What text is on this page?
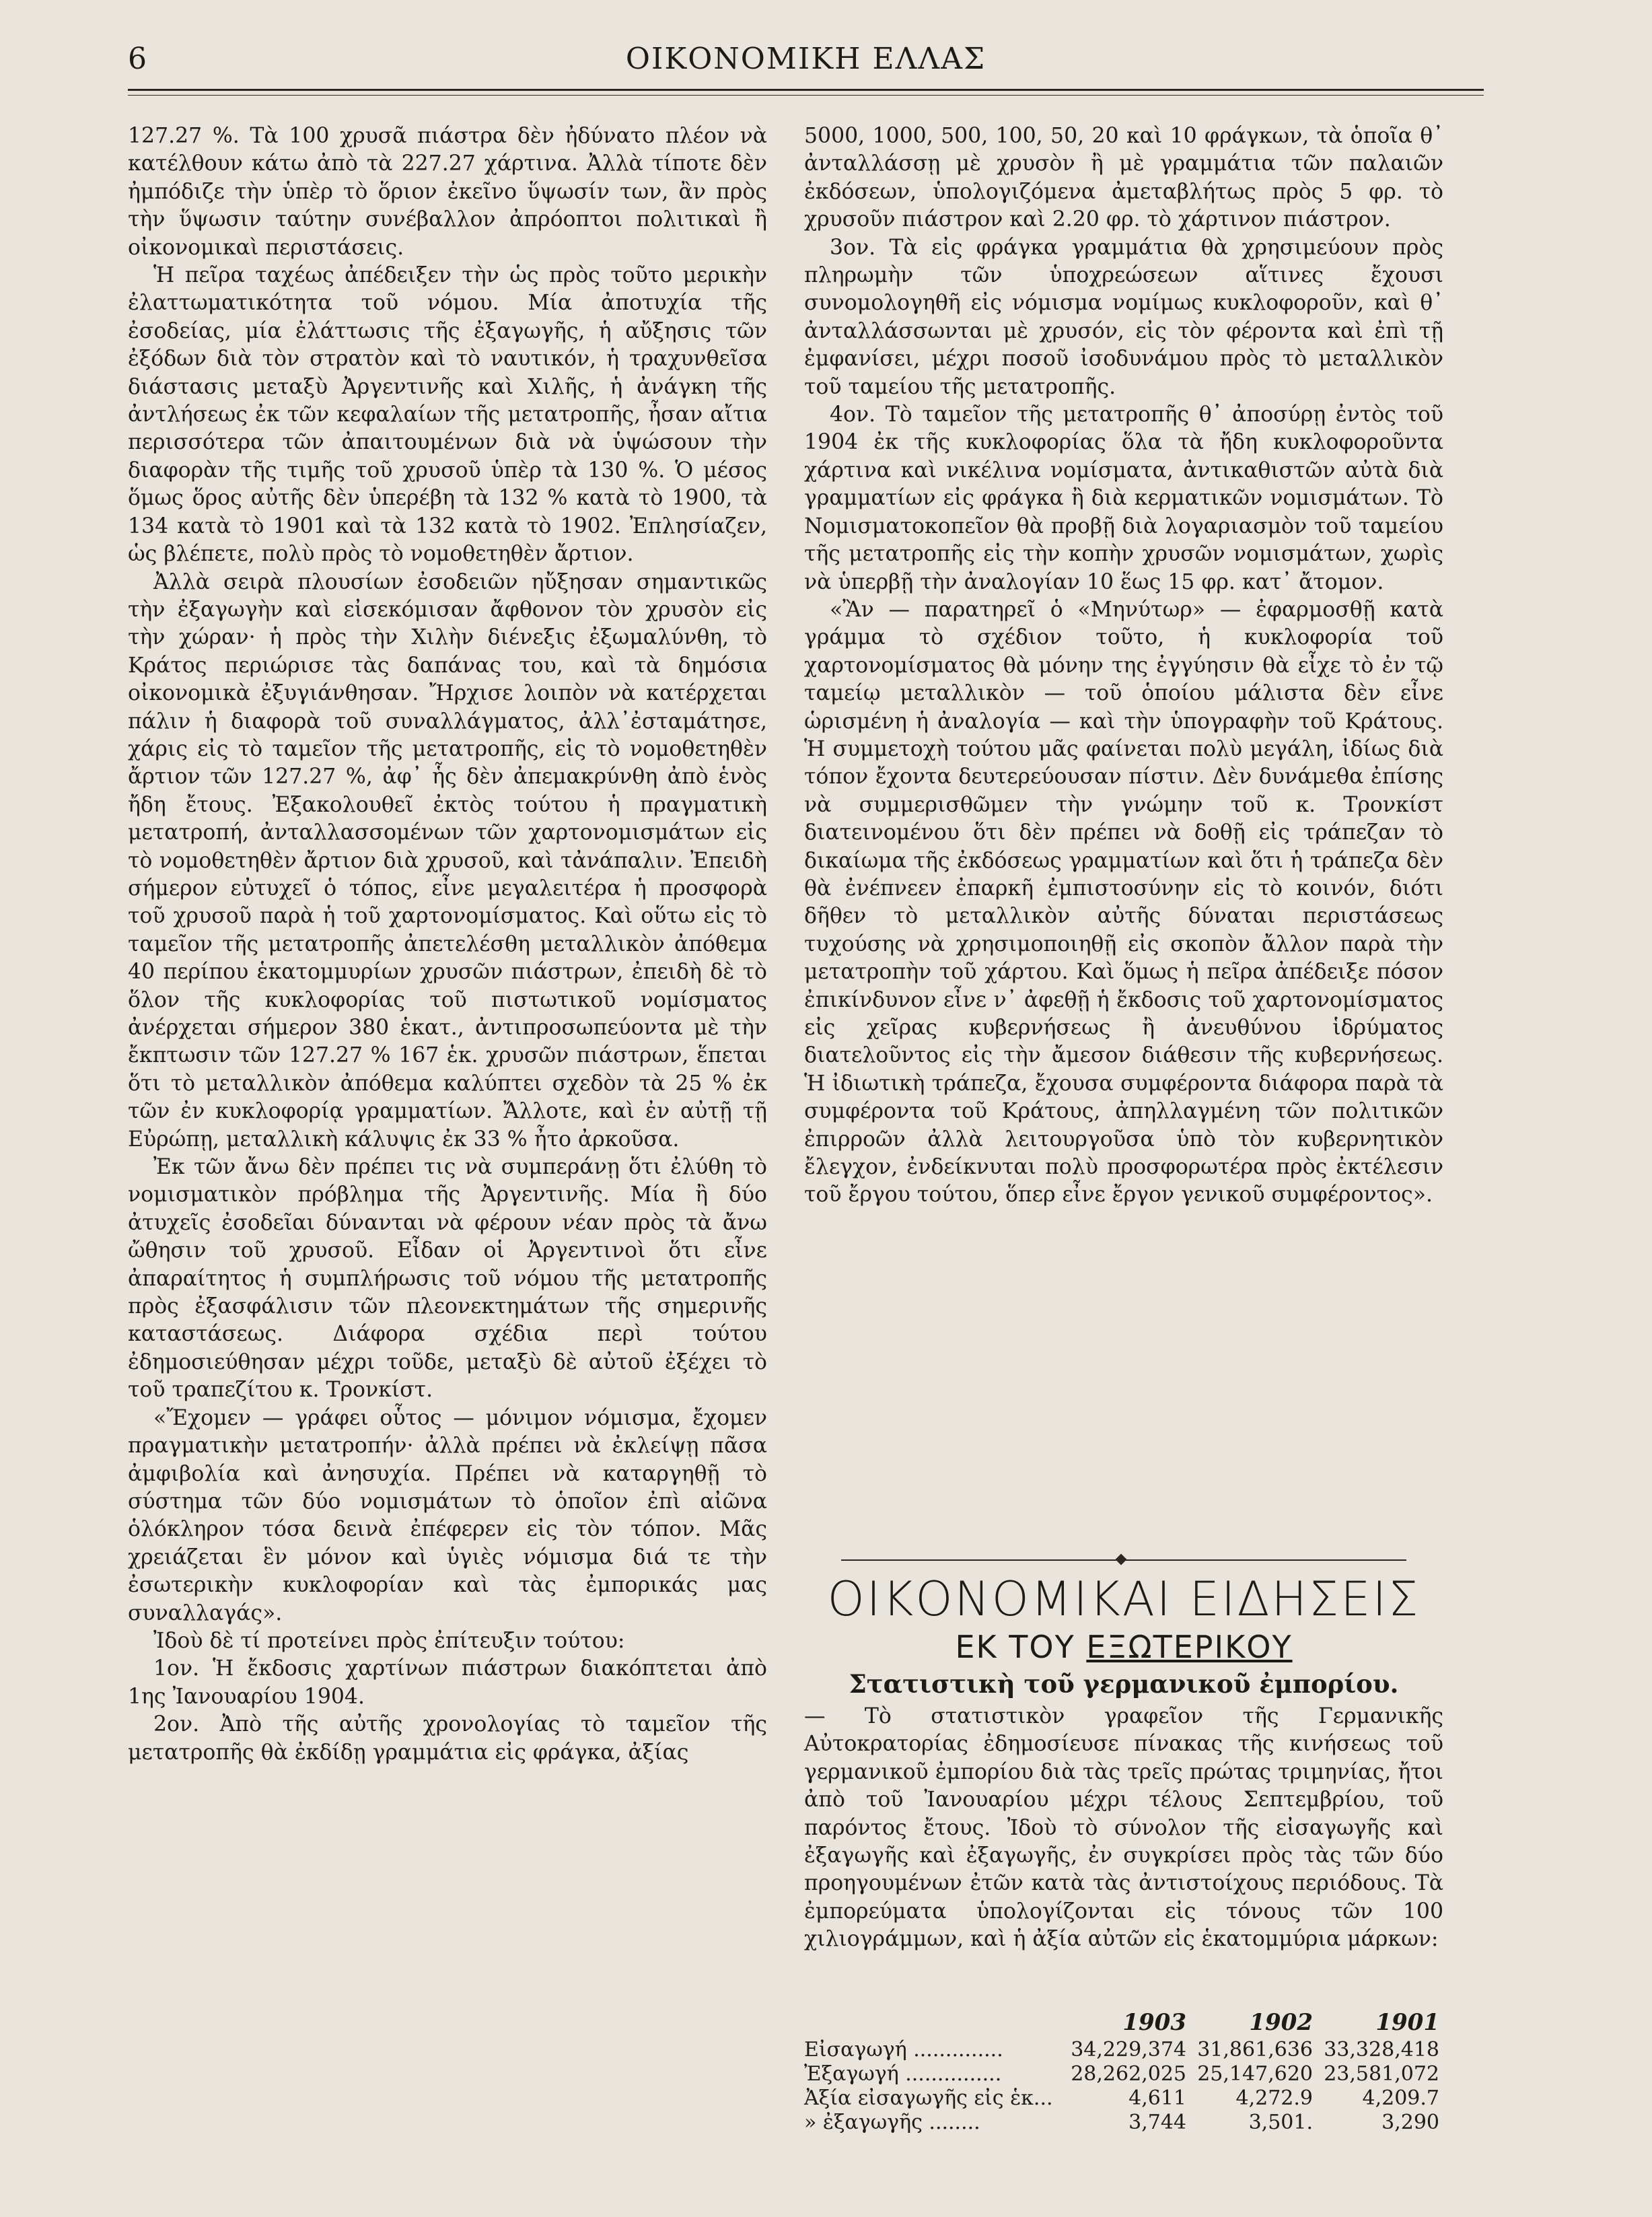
6	ΟΙΚΟΝΟΜΙΚΗ ΕΛΛΑΣ

127.27 %. Τὰ 100 χρυσᾶ πιάστρα δὲν ἠδύνατο πλέον νὰ κατέλθουν κάτω ἀπὸ τὰ 227.27 χάρτινα. Ἀλλὰ τίποτε δὲν ἠμπόδιζε τὴν ὑπὲρ τὸ ὅριον ἐκεῖνο ὕψωσίν των, ἂν πρὸς τὴν ὕψωσιν ταύτην συνέβαλλον ἀπρόοπτοι πολιτικαὶ ἢ οἰκονομικαὶ περιστάσεις.

Ἡ πεῖρα ταχέως ἀπέδειξεν τὴν ὡς πρὸς τοῦτο μερικὴν ἐλαττωματικότητα τοῦ νόμου. Μία ἀποτυχία τῆς ἐσοδείας, μία ἐλάττωσις τῆς ἐξαγωγῆς, ἡ αὔξησις τῶν ἐξόδων διὰ τὸν στρατὸν καὶ τὸ ναυτικόν, ἡ τραχυνθεῖσα διάστασις μεταξὺ Ἀργεντινῆς καὶ Χιλῆς, ἡ ἀνάγκη τῆς ἀντλήσεως ἐκ τῶν κεφαλαίων τῆς μετατροπῆς, ἦσαν αἴτια περισσότερα τῶν ἀπαιτουμένων διὰ νὰ ὑψώσουν τὴν διαφορὰν τῆς τιμῆς τοῦ χρυσοῦ ὑπὲρ τὰ 130 %. Ὁ μέσος ὅμως ὅρος αὐτῆς δὲν ὑπερέβη τὰ 132 % κατὰ τὸ 1900, τὰ 134 κατὰ τὸ 1901 καὶ τὰ 132 κατὰ τὸ 1902. Ἐπλησίαζεν, ὡς βλέπετε, πολὺ πρὸς τὸ νομοθετηθὲν ἄρτιον.

Ἀλλὰ σειρὰ πλουσίων ἐσοδειῶν ηὔξησαν σημαντικῶς τὴν ἐξαγωγὴν καὶ εἰσεκόμισαν ἄφθονον τὸν χρυσὸν εἰς τὴν χώραν· ἡ πρὸς τὴν Χιλὴν διένεξις ἐξωμαλύνθη, τὸ Κράτος περιώρισε τὰς δαπάνας του, καὶ τὰ δημόσια οἰκονομικὰ ἐξυγιάνθησαν. Ἤρχισε λοιπὸν νὰ κατέρχεται πάλιν ἡ διαφορὰ τοῦ συναλλάγματος, ἀλλ᾽ἐσταμάτησε, χάρις εἰς τὸ ταμεῖον τῆς μετατροπῆς, εἰς τὸ νομοθετηθὲν ἄρτιον τῶν 127.27 %, ἀφ᾽ ἧς δὲν ἀπεμακρύνθη ἀπὸ ἑνὸς ἤδη ἔτους. Ἐξακολουθεῖ ἐκτὸς τούτου ἡ πραγματικὴ μετατροπή, ἀνταλλασσομένων τῶν χαρτονομισμάτων εἰς τὸ νομοθετηθὲν ἄρτιον διὰ χρυσοῦ, καὶ τἀνάπαλιν. Ἐπειδὴ σήμερον εὐτυχεῖ ὁ τόπος, εἶνε μεγαλειτέρα ἡ προσφορὰ τοῦ χρυσοῦ παρὰ ἡ τοῦ χαρτονομίσματος. Καὶ οὕτω εἰς τὸ ταμεῖον τῆς μετατροπῆς ἀπετελέσθη μεταλλικὸν ἀπόθεμα 40 περίπου ἑκατομμυρίων χρυσῶν πιάστρων, ἐπειδὴ δὲ τὸ ὅλον τῆς κυκλοφορίας τοῦ πιστωτικοῦ νομίσματος ἀνέρχεται σήμερον 380 ἑκατ., ἀντιπροσωπεύοντα μὲ τὴν ἔκπτωσιν τῶν 127.27 % 167 ἑκ. χρυσῶν πιάστρων, ἕπεται ὅτι τὸ μεταλλικὸν ἀπόθεμα καλύπτει σχεδὸν τὰ 25 % ἐκ τῶν ἐν κυκλοφορίᾳ γραμματίων. Ἄλλοτε, καὶ ἐν αὐτῇ τῇ Εὐρώπῃ, μεταλλικὴ κάλυψις ἐκ 33 % ἦτο ἀρκοῦσα.

Ἐκ τῶν ἄνω δὲν πρέπει τις νὰ συμπεράνῃ ὅτι ἐλύθη τὸ νομισματικὸν πρόβλημα τῆς Ἀργεντινῆς. Μία ἢ δύο ἀτυχεῖς ἐσοδεῖαι δύνανται νὰ φέρουν νέαν πρὸς τὰ ἄνω ὤθησιν τοῦ χρυσοῦ. Εἶδαν οἱ Ἀργεντινοὶ ὅτι εἶνε ἀπαραίτητος ἡ συμπλήρωσις τοῦ νόμου τῆς μετατροπῆς πρὸς ἐξασφάλισιν τῶν πλεονεκτημάτων τῆς σημερινῆς καταστάσεως. Διάφορα σχέδια περὶ τούτου ἐδημοσιεύθησαν μέχρι τοῦδε, μεταξὺ δὲ αὐτοῦ ἐξέχει τὸ τοῦ τραπεζίτου κ. Τρονκίστ.

«Ἔχομεν — γράφει οὗτος — μόνιμον νόμισμα, ἔχομεν πραγματικὴν μετατροπήν· ἀλλὰ πρέπει νὰ ἐκλείψῃ πᾶσα ἀμφιβολία καὶ ἀνησυχία. Πρέπει νὰ καταργηθῇ τὸ σύστημα τῶν δύο νομισμάτων τὸ ὁποῖον ἐπὶ αἰῶνα ὁλόκληρον τόσα δεινὰ ἐπέφερεν εἰς τὸν τόπον. Μᾶς χρειάζεται ἓν μόνον καὶ ὑγιὲς νόμισμα διά τε τὴν ἐσωτερικὴν κυκλοφορίαν καὶ τὰς ἐμπορικάς μας συναλλαγάς».

Ἰδοὺ δὲ τί προτείνει πρὸς ἐπίτευξιν τούτου:

1ον. Ἡ ἔκδοσις χαρτίνων πιάστρων διακόπτεται ἀπὸ 1ης Ἰανουαρίου 1904.

2ον. Ἀπὸ τῆς αὐτῆς χρονολογίας τὸ ταμεῖον τῆς μετατροπῆς θὰ ἐκδίδῃ γραμμάτια εἰς φράγκα, ἀξίας

5000, 1000, 500, 100, 50, 20 καὶ 10 φράγκων, τὰ ὁποῖα θ᾽ ἀνταλλάσσῃ μὲ χρυσὸν ἢ μὲ γραμμάτια τῶν παλαιῶν ἐκδόσεων, ὑπολογιζόμενα ἀμεταβλήτως πρὸς 5 φρ. τὸ χρυσοῦν πιάστρον καὶ 2.20 φρ. τὸ χάρτινον πιάστρον.

3ον. Τὰ εἰς φράγκα γραμμάτια θὰ χρησιμεύουν πρὸς πληρωμὴν τῶν ὑποχρεώσεων αἵτινες ἔχουσι συνομολογηθῆ εἰς νόμισμα νομίμως κυκλοφοροῦν, καὶ θ᾽ ἀνταλλάσσωνται μὲ χρυσόν, εἰς τὸν φέροντα καὶ ἐπὶ τῇ ἐμφανίσει, μέχρι ποσοῦ ἰσοδυνάμου πρὸς τὸ μεταλλικὸν τοῦ ταμείου τῆς μετατροπῆς.

4ον. Τὸ ταμεῖον τῆς μετατροπῆς θ᾽ ἀποσύρῃ ἐντὸς τοῦ 1904 ἐκ τῆς κυκλοφορίας ὅλα τὰ ἤδη κυκλοφοροῦντα χάρτινα καὶ νικέλινα νομίσματα, ἀντικαθιστῶν αὐτὰ διὰ γραμματίων εἰς φράγκα ἢ διὰ κερματικῶν νομισμάτων. Τὸ Νομισματοκοπεῖον θὰ προβῇ διὰ λογαριασμὸν τοῦ ταμείου τῆς μετατροπῆς εἰς τὴν κοπὴν χρυσῶν νομισμάτων, χωρὶς νὰ ὑπερβῇ τὴν ἀναλογίαν 10 ἕως 15 φρ. κατ᾽ ἄτομον.

«Ἂν — παρατηρεῖ ὁ «Μηνύτωρ» — ἐφαρμοσθῇ κατὰ γράμμα τὸ σχέδιον τοῦτο, ἡ κυκλοφορία τοῦ χαρτονομίσματος θὰ μόνην της ἐγγύησιν θὰ εἶχε τὸ ἐν τῷ ταμείῳ μεταλλικὸν — τοῦ ὁποίου μάλιστα δὲν εἶνε ὡρισμένη ἡ ἀναλογία — καὶ τὴν ὑπογραφὴν τοῦ Κράτους. Ἡ συμμετοχὴ τούτου μᾶς φαίνεται πολὺ μεγάλη, ἰδίως διὰ τόπον ἔχοντα δευτερεύουσαν πίστιν. Δὲν δυνάμεθα ἐπίσης νὰ συμμερισθῶμεν τὴν γνώμην τοῦ κ. Τρονκίστ διατεινομένου ὅτι δὲν πρέπει νὰ δοθῇ εἰς τράπεζαν τὸ δικαίωμα τῆς ἐκδόσεως γραμματίων καὶ ὅτι ἡ τράπεζα δὲν θὰ ἐνέπνεεν ἐπαρκῆ ἐμπιστοσύνην εἰς τὸ κοινόν, διότι δῆθεν τὸ μεταλλικὸν αὐτῆς δύναται περιστάσεως τυχούσης νὰ χρησιμοποιηθῇ εἰς σκοπὸν ἄλλον παρὰ τὴν μετατροπὴν τοῦ χάρτου. Καὶ ὅμως ἡ πεῖρα ἀπέδειξε πόσον ἐπικίνδυνον εἶνε ν᾽ ἀφεθῇ ἡ ἔκδοσις τοῦ χαρτονομίσματος εἰς χεῖρας κυβερνήσεως ἢ ἀνευθύνου ἱδρύματος διατελοῦντος εἰς τὴν ἄμεσον διάθεσιν τῆς κυβερνήσεως. Ἡ ἰδιωτικὴ τράπεζα, ἔχουσα συμφέροντα διάφορα παρὰ τὰ συμφέροντα τοῦ Κράτους, ἀπηλλαγμένη τῶν πολιτικῶν ἐπιρροῶν ἀλλὰ λειτουργοῦσα ὑπὸ τὸν κυβερνητικὸν ἔλεγχον, ἐνδείκνυται πολὺ προσφορωτέρα πρὸς ἐκτέλεσιν τοῦ ἔργου τούτου, ὅπερ εἶνε ἔργον γενικοῦ συμφέροντος».

ΟΙΚΟΝΟΜΙΚΑΙ ΕΙΔΗΣΕΙΣ
ΕΚ ΤΟΥ ΕΞΩΤΕΡΙΚΟΥ
Στατιστικὴ τοῦ γερμανικοῦ ἐμπορίου.

— Τὸ στατιστικὸν γραφεῖον τῆς Γερμανικῆς Αὐτοκρατορίας ἐδημοσίευσε πίνακας τῆς κινήσεως τοῦ γερμανικοῦ ἐμπορίου διὰ τὰς τρεῖς πρώτας τριμηνίας, ἤτοι ἀπὸ τοῦ Ἰανουαρίου μέχρι τέλους Σεπτεμβρίου, τοῦ παρόντος ἔτους. Ἰδοὺ τὸ σύνολον τῆς εἰσαγωγῆς καὶ ἐξαγωγῆς καὶ ἐξαγωγῆς, ἐν συγκρίσει πρὸς τὰς τῶν δύο προηγουμένων ἐτῶν κατὰ τὰς ἀντιστοίχους περιόδους. Τὰ ἐμπορεύματα ὑπολογίζονται εἰς τόνους τῶν 100 χιλιογράμμων, καὶ ἡ ἀξία αὐτῶν εἰς ἑκατομμύρια μάρκων:

	1903	1902	1901
Εἰσαγωγή ..............	34,229,374	31,861,636	33,328,418
Ἐξαγωγή ...............	28,262,025	25,147,620	23,581,072
Ἀξία εἰσαγωγῆς εἰς ἑκ...	4,611	4,272.9	4,209.7
» ἐξαγωγῆς ........	3,744	3,501.	3,290
